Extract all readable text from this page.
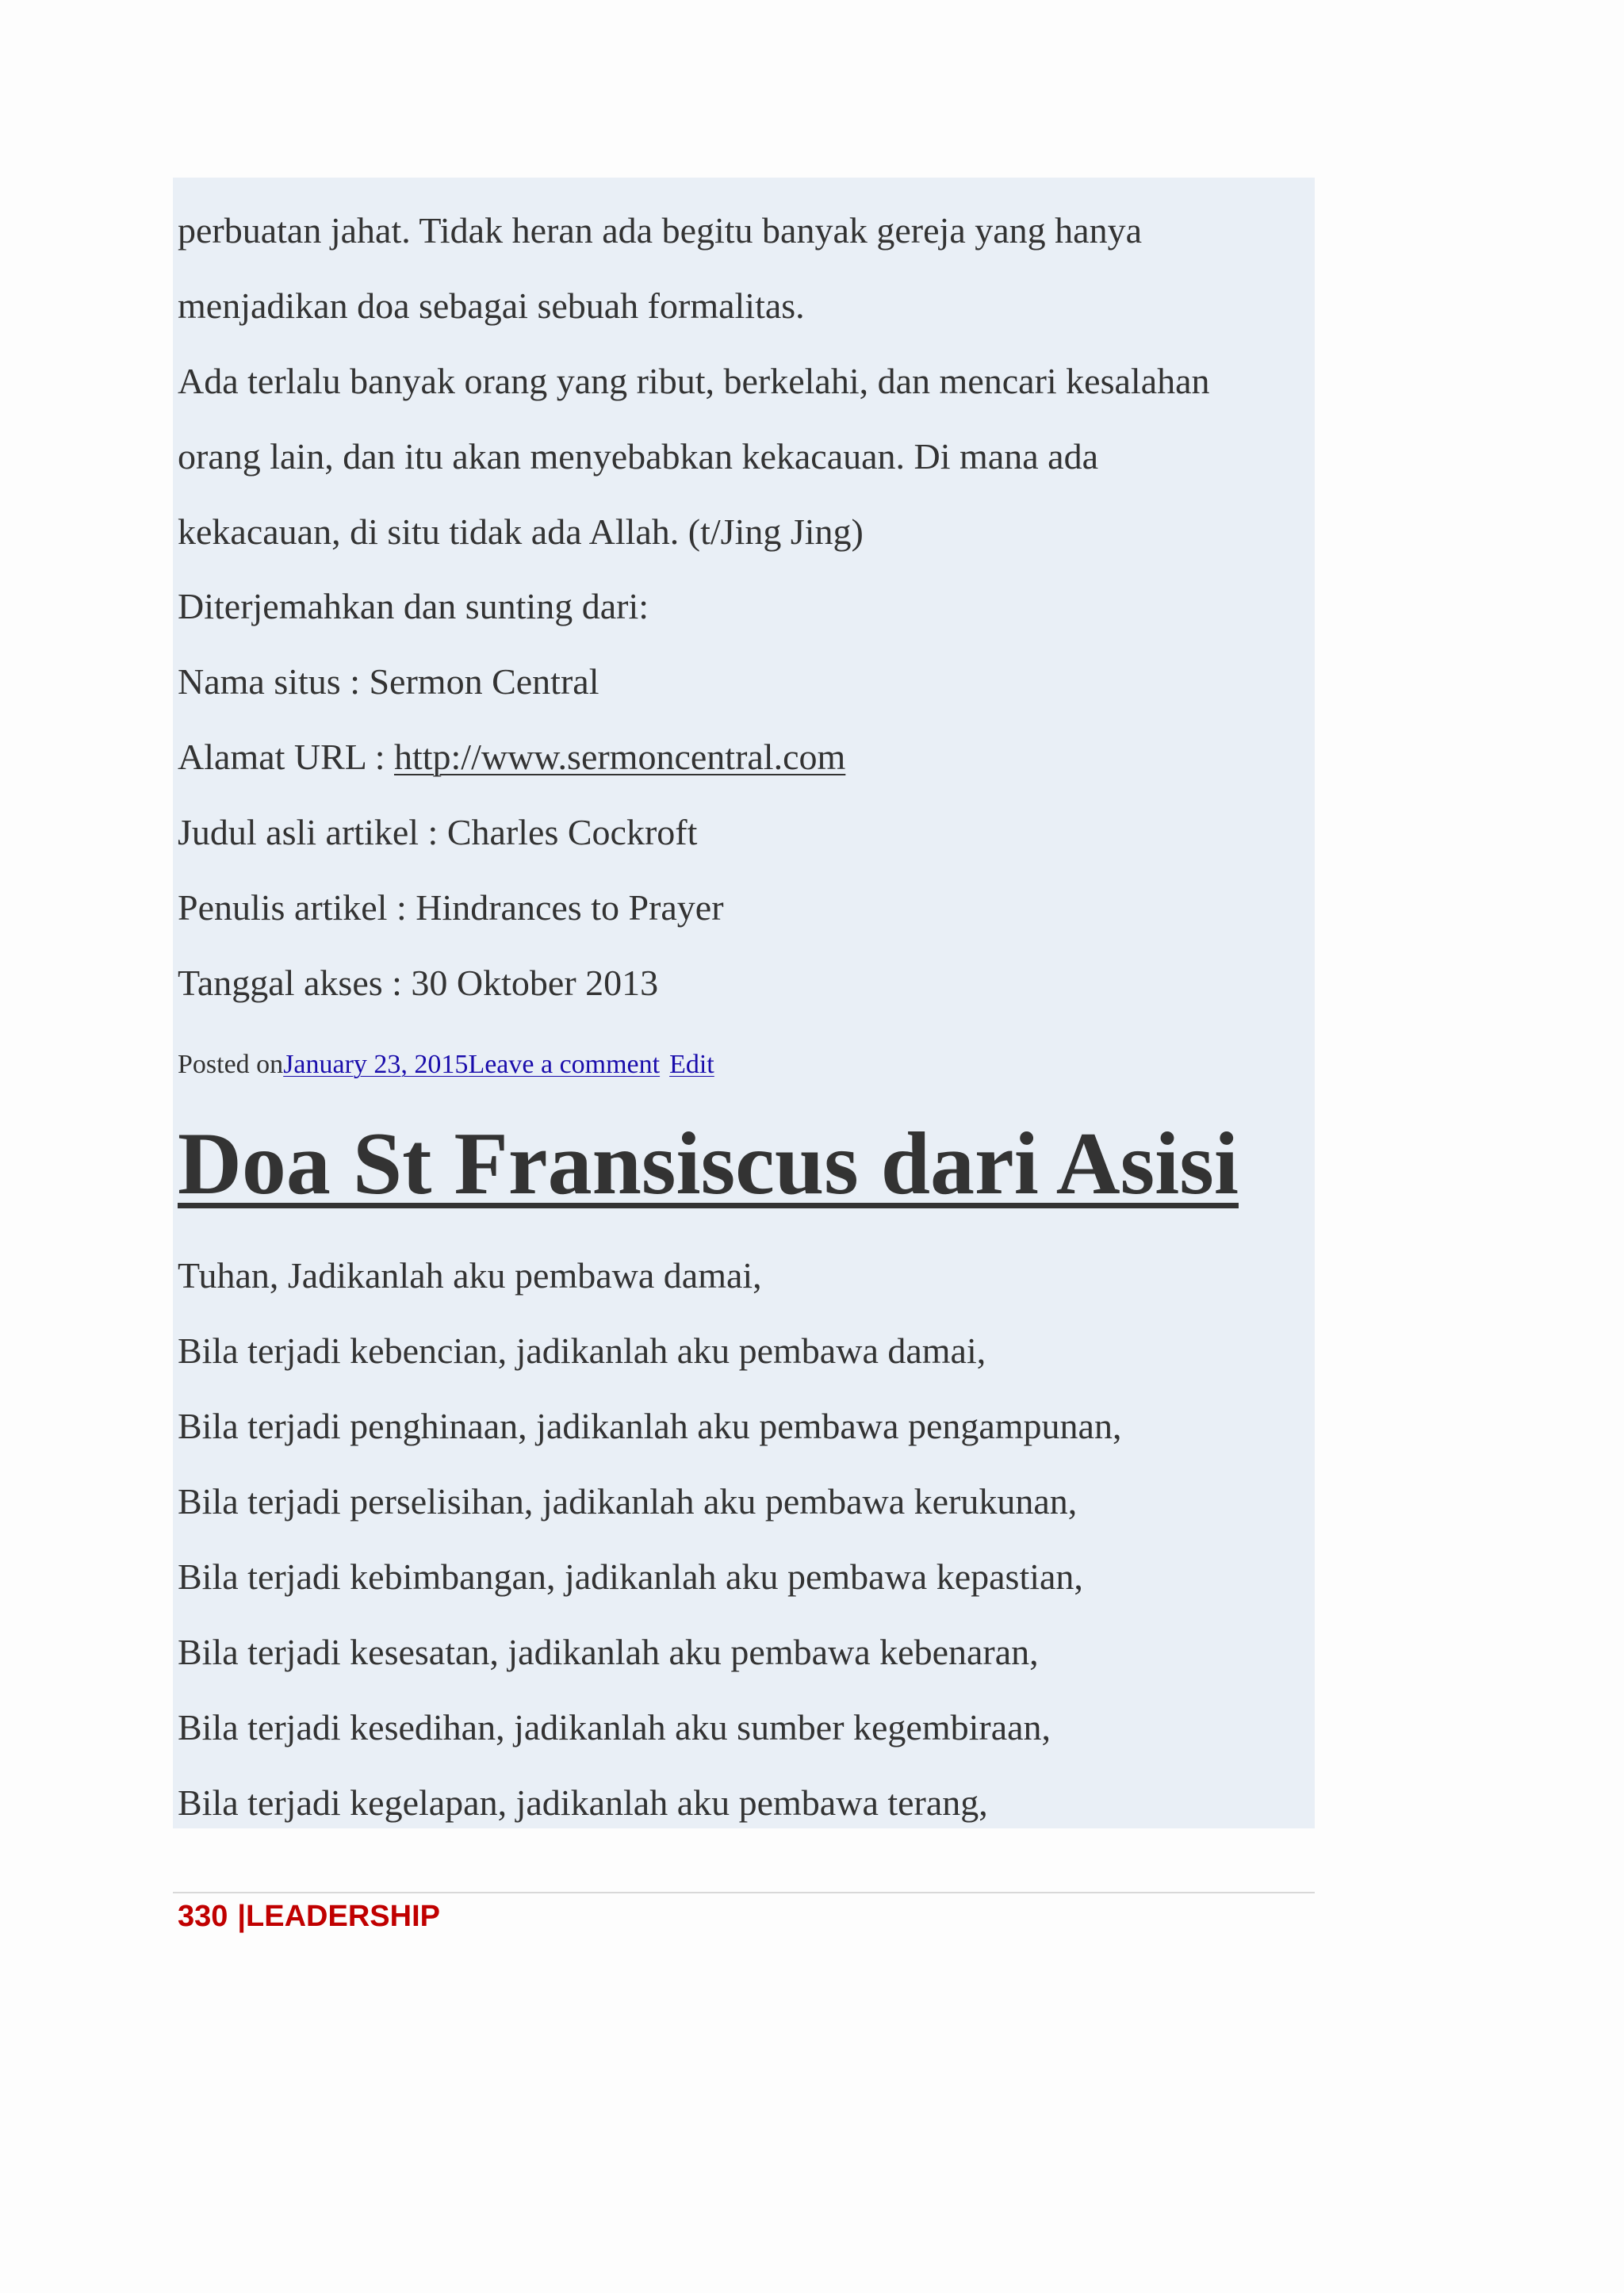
perbuatan jahat. Tidak heran ada begitu banyak gereja yang hanya
menjadikan doa sebagai sebuah formalitas.
Ada terlalu banyak orang yang ribut, berkelahi, dan mencari kesalahan
orang lain, dan itu akan menyebabkan kekacauan. Di mana ada
kekacauan, di situ tidak ada Allah. (t/Jing Jing)
Diterjemahkan dan sunting dari:
Nama situs : Sermon Central
Alamat URL : http://www.sermoncentral.com
Judul asli artikel : Charles Cockroft
Penulis artikel : Hindrances to Prayer
Tanggal akses : 30 Oktober 2013
Posted onJanuary 23, 2015Leave a comment Edit
Doa St Fransiscus dari Asisi
Tuhan, Jadikanlah aku pembawa damai,
Bila terjadi kebencian, jadikanlah aku pembawa damai,
Bila terjadi penghinaan, jadikanlah aku pembawa pengampunan,
Bila terjadi perselisihan, jadikanlah aku pembawa kerukunan,
Bila terjadi kebimbangan, jadikanlah aku pembawa kepastian,
Bila terjadi kesesatan, jadikanlah aku pembawa kebenaran,
Bila terjadi kesedihan, jadikanlah aku sumber kegembiraan,
Bila terjadi kegelapan, jadikanlah aku pembawa terang,
330 |LEADERSHIP
